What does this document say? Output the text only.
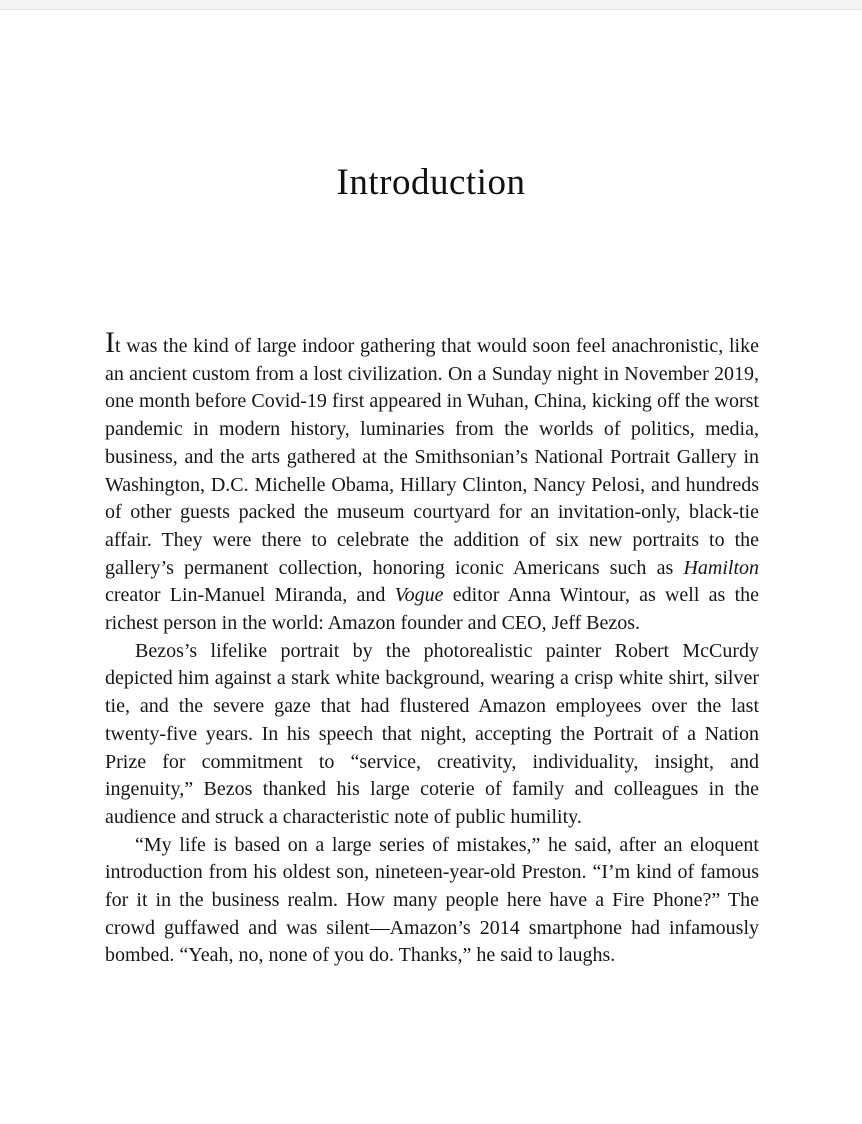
Introduction

It was the kind of large indoor gathering that would soon feel anachronistic, like an ancient custom from a lost civilization. On a Sunday night in November 2019, one month before Covid-19 first appeared in Wuhan, China, kicking off the worst pandemic in modern history, luminaries from the worlds of politics, media, business, and the arts gathered at the Smithsonian’s National Portrait Gallery in Washington, D.C. Michelle Obama, Hillary Clinton, Nancy Pelosi, and hundreds of other guests packed the museum courtyard for an invitation-only, black-tie affair. They were there to celebrate the addition of six new portraits to the gallery’s permanent collection, honoring iconic Americans such as Hamilton creator Lin-Manuel Miranda, and Vogue editor Anna Wintour, as well as the richest person in the world: Amazon founder and CEO, Jeff Bezos.

Bezos’s lifelike portrait by the photorealistic painter Robert McCurdy depicted him against a stark white background, wearing a crisp white shirt, silver tie, and the severe gaze that had flustered Amazon employees over the last twenty-five years. In his speech that night, accepting the Portrait of a Nation Prize for commitment to “service, creativity, individuality, insight, and ingenuity,” Bezos thanked his large coterie of family and colleagues in the audience and struck a characteristic note of public humility.

“My life is based on a large series of mistakes,” he said, after an eloquent introduction from his oldest son, nineteen-year-old Preston. “I’m kind of famous for it in the business realm. How many people here have a Fire Phone?” The crowd guffawed and was silent—Amazon’s 2014 smartphone had infamously bombed. “Yeah, no, none of you do. Thanks,” he said to laughs.
